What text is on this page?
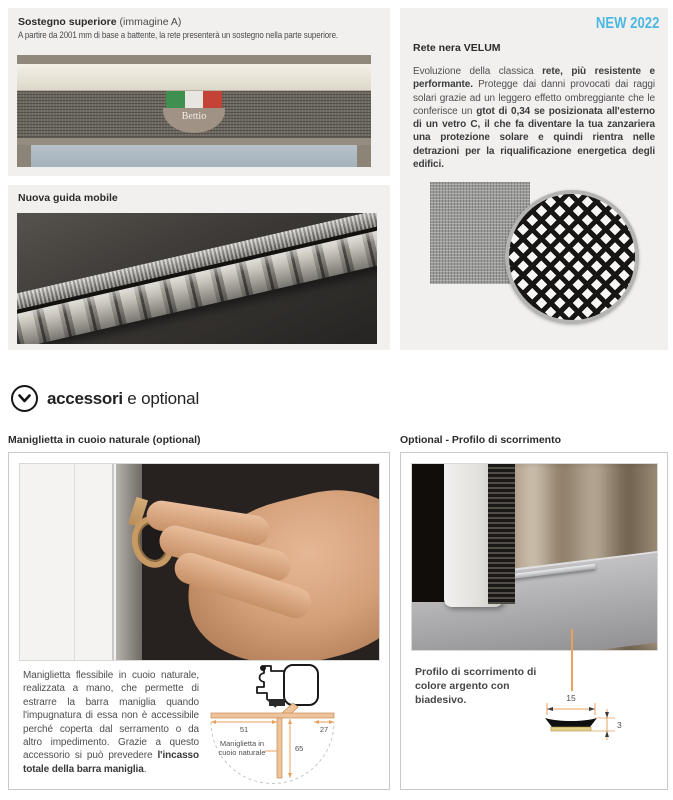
Sostegno superiore (immagine A)
A partire da 2001 mm di base a battente, la rete presenterà un sostegno nella parte superiore.
Bettio
NEW 2022
Rete nera VELUM
Evoluzione della classica rete, più resistente e performante. Protegge dai danni provocati dai raggi solari grazie ad un leggero effetto ombreggiante che le conferisce un gtot di 0,34 se posizionata all'esterno di un vetro C, il che fa diventare la tua zanzariera una protezione solare e quindi rientra nelle detrazioni per la riqualificazione energetica degli edifici.
Nuova guida mobile
accessori e optional
Maniglietta in cuoio naturale (optional)
Maniglietta flessibile in cuoio naturale, realizzata a mano, che permette di estrarre la barra maniglia quando l'impugnatura di essa non è accessibile perché coperta dal serramento o da altro impedimento. Grazie a questo accessorio si può prevedere l'incasso totale della barra maniglia.
51	27
65
Maniglietta in
cuoio naturale
Optional - Profilo di scorrimento
Profilo di scorrimento di colore argento con biadesivo.	15
3
